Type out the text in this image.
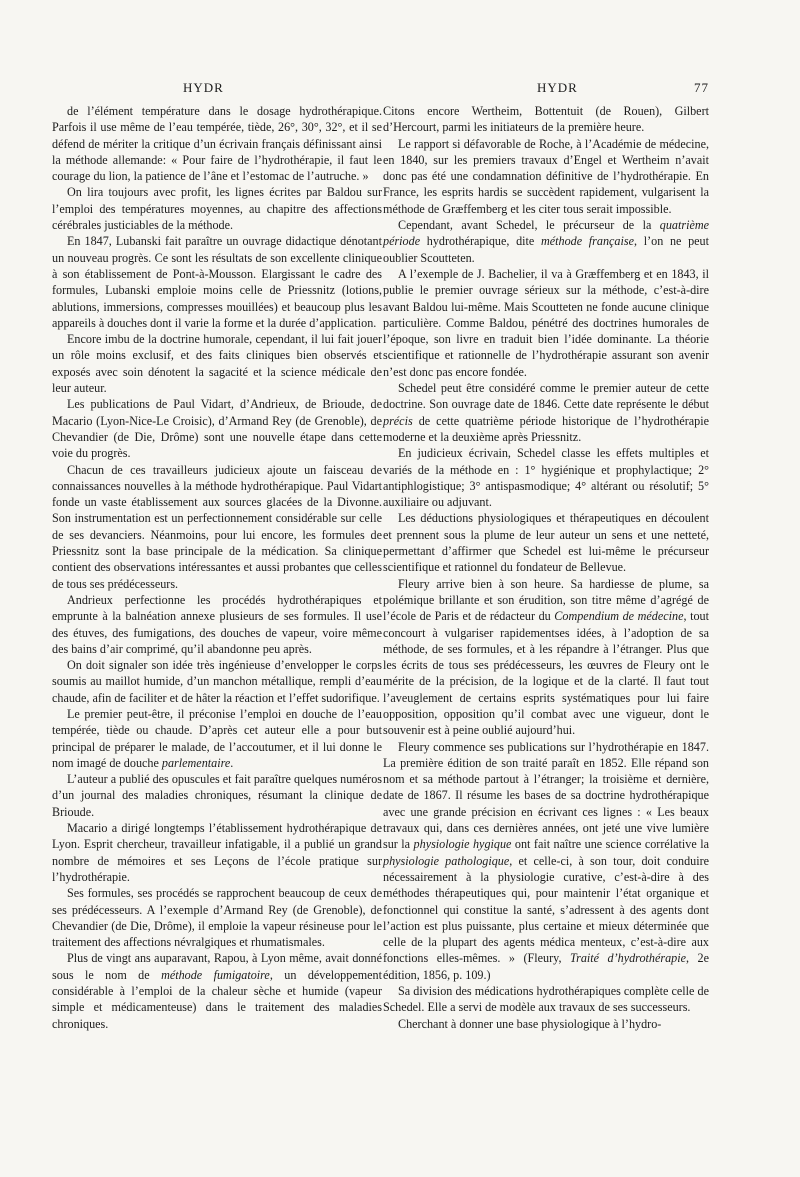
HYDR	HYDR	77

de l’élément température dans le dosage hydrothérapique. Parfois il use même de l’eau tempérée, tiède, 26°, 30°, 32°, et il se défend de mériter la critique d’un écrivain français définissant ainsi la méthode allemande: « Pour faire de l’hydrothérapie, il faut le courage du lion, la patience de l’âne et l’estomac de l’autruche. »

On lira toujours avec profit, les lignes écrites par Baldou sur l’emploi des températures moyennes, au chapitre des affections cérébrales justiciables de la méthode.

En 1847, Lubanski fait paraître un ouvrage didactique dénotant un nouveau progrès. Ce sont les résultats de son excellente clinique à son établissement de Pont-à-Mousson. Elargissant le cadre des formules, Lubanski emploie moins celle de Priessnitz (lotions, ablutions, immersions, compresses mouillées) et beaucoup plus les appareils à douches dont il varie la forme et la durée d’application.

Encore imbu de la doctrine humorale, cependant, il lui fait jouer un rôle moins exclusif, et des faits cliniques bien observés et exposés avec soin dénotent la sagacité et la science médicale de leur auteur.

Les publications de Paul Vidart, d’Andrieux, de Brioude, de Macario (Lyon-Nice-Le Croisic), d’Armand Rey (de Grenoble), de Chevandier (de Die, Drôme) sont une nouvelle étape dans cette voie du progrès.

Chacun de ces travailleurs judicieux ajoute un faisceau de connaissances nouvelles à la méthode hydrothérapique. Paul Vidart fonde un vaste établissement aux sources glacées de la Divonne. Son instrumentation est un perfectionnement considérable sur celle de ses devanciers. Néanmoins, pour lui encore, les formules de Priessnitz sont la base principale de la médication. Sa clinique contient des observations intéressantes et aussi probantes que celles de tous ses prédécesseurs.

Andrieux perfectionne les procédés hydrothérapiques et emprunte à la balnéation annexe plusieurs de ses formules. Il use des étuves, des fumigations, des douches de vapeur, voire même des bains d’air comprimé, qu’il abandonne peu après.

On doit signaler son idée très ingénieuse d’envelopper le corps soumis au maillot humide, d’un manchon métallique, rempli d’eau chaude, afin de faciliter et de hâter la réaction et l’effet sudorifique.

Le premier peut-être, il préconise l’emploi en douche de l’eau tempérée, tiède ou chaude. D’après cet auteur elle a pour but principal de préparer le malade, de l’accoutumer, et il lui donne le nom imagé de douche parlementaire.

L’auteur a publié des opuscules et fait paraître quelques numéros d’un journal des maladies chroniques, résumant la clinique de Brioude.

Macario a dirigé longtemps l’établissement hydrothérapique de Lyon. Esprit chercheur, travailleur infatigable, il a publié un grand nombre de mémoires et ses Leçons de l’école pratique sur l’hydrothérapie.

Ses formules, ses procédés se rapprochent beaucoup de ceux de ses prédécesseurs. A l’exemple d’Armand Rey (de Grenoble), de Chevandier (de Die, Drôme), il emploie la vapeur résineuse pour le traitement des affections névralgiques et rhumatismales.

Plus de vingt ans auparavant, Rapou, à Lyon même, avait donné sous le nom de méthode fumigatoire, un développement considérable à l’emploi de la chaleur sèche et humide (vapeur simple et médicamenteuse) dans le traitement des maladies chroniques.

Citons encore Wertheim, Bottentuit (de Rouen), Gilbert d’Hercourt, parmi les initiateurs de la première heure.

Le rapport si défavorable de Roche, à l’Académie de médecine, en 1840, sur les premiers travaux d’Engel et Wertheim n’avait donc pas été une condamnation définitive de l’hydrothérapie. En France, les esprits hardis se succèdent rapidement, vulgarisent la méthode de Græffemberg et les citer tous serait impossible.

Cependant, avant Schedel, le précurseur de la quatrième période hydrothérapique, dite méthode française, l’on ne peut oublier Scoutteten.

A l’exemple de J. Bachelier, il va à Græffemberg et en 1843, il publie le premier ouvrage sérieux sur la méthode, c’est-à-dire avant Baldou lui-même. Mais Scoutteten ne fonde aucune clinique particulière. Comme Baldou, pénétré des doctrines humorales de l’époque, son livre en traduit bien l’idée dominante. La théorie scientifique et rationnelle de l’hydrothérapie assurant son avenir n’est donc pas encore fondée.

Schedel peut être considéré comme le premier auteur de cette doctrine. Son ouvrage date de 1846. Cette date représente le début précis de cette quatrième période historique de l’hydrothérapie moderne et la deuxième après Priessnitz.

En judicieux écrivain, Schedel classe les effets multiples et variés de la méthode en : 1° hygiénique et prophylactique; 2° antiphlogistique; 3° antispasmodique; 4° altérant ou résolutif; 5° auxiliaire ou adjuvant.

Les déductions physiologiques et thérapeutiques en découlent et prennent sous la plume de leur auteur un sens et une netteté, permettant d’affirmer que Schedel est lui-même le précurseur scientifique et rationnel du fondateur de Bellevue.

Fleury arrive bien à son heure. Sa hardiesse de plume, sa polémique brillante et son érudition, son titre même d’agrégé de l’école de Paris et de rédacteur du Compendium de médecine, tout concourt à vulgariser rapidementses idées, à l’adoption de sa méthode, de ses formules, et à les répandre à l’étranger. Plus que les écrits de tous ses prédécesseurs, les œuvres de Fleury ont le mérite de la précision, de la logique et de la clarté. Il faut tout l’aveuglement de certains esprits systématiques pour lui faire opposition, opposition qu’il combat avec une vigueur, dont le souvenir est à peine oublié aujourd’hui.

Fleury commence ses publications sur l’hydrothérapie en 1847. La première édition de son traité paraît en 1852. Elle répand son nom et sa méthode partout à l’étranger; la troisième et dernière, date de 1867. Il résume les bases de sa doctrine hydrothérapique avec une grande précision en écrivant ces lignes : « Les beaux travaux qui, dans ces dernières années, ont jeté une vive lumière sur la physiologie hygique ont fait naître une science corrélative la physiologie pathologique, et celle-ci, à son tour, doit conduire nécessairement à la physiologie curative, c’est-à-dire à des méthodes thérapeutiques qui, pour maintenir l’état organique et fonctionnel qui constitue la santé, s’adressent à des agents dont l’action est plus puissante, plus certaine et mieux déterminée que celle de la plupart des agents médica menteux, c’est-à-dire aux fonctions elles-mêmes. » (Fleury, Traité d’hydrothérapie, 2e édition, 1856, p. 109.)

Sa division des médications hydrothérapiques complète celle de Schedel. Elle a servi de modèle aux travaux de ses successeurs.

Cherchant à donner une base physiologique à l’hydro-
